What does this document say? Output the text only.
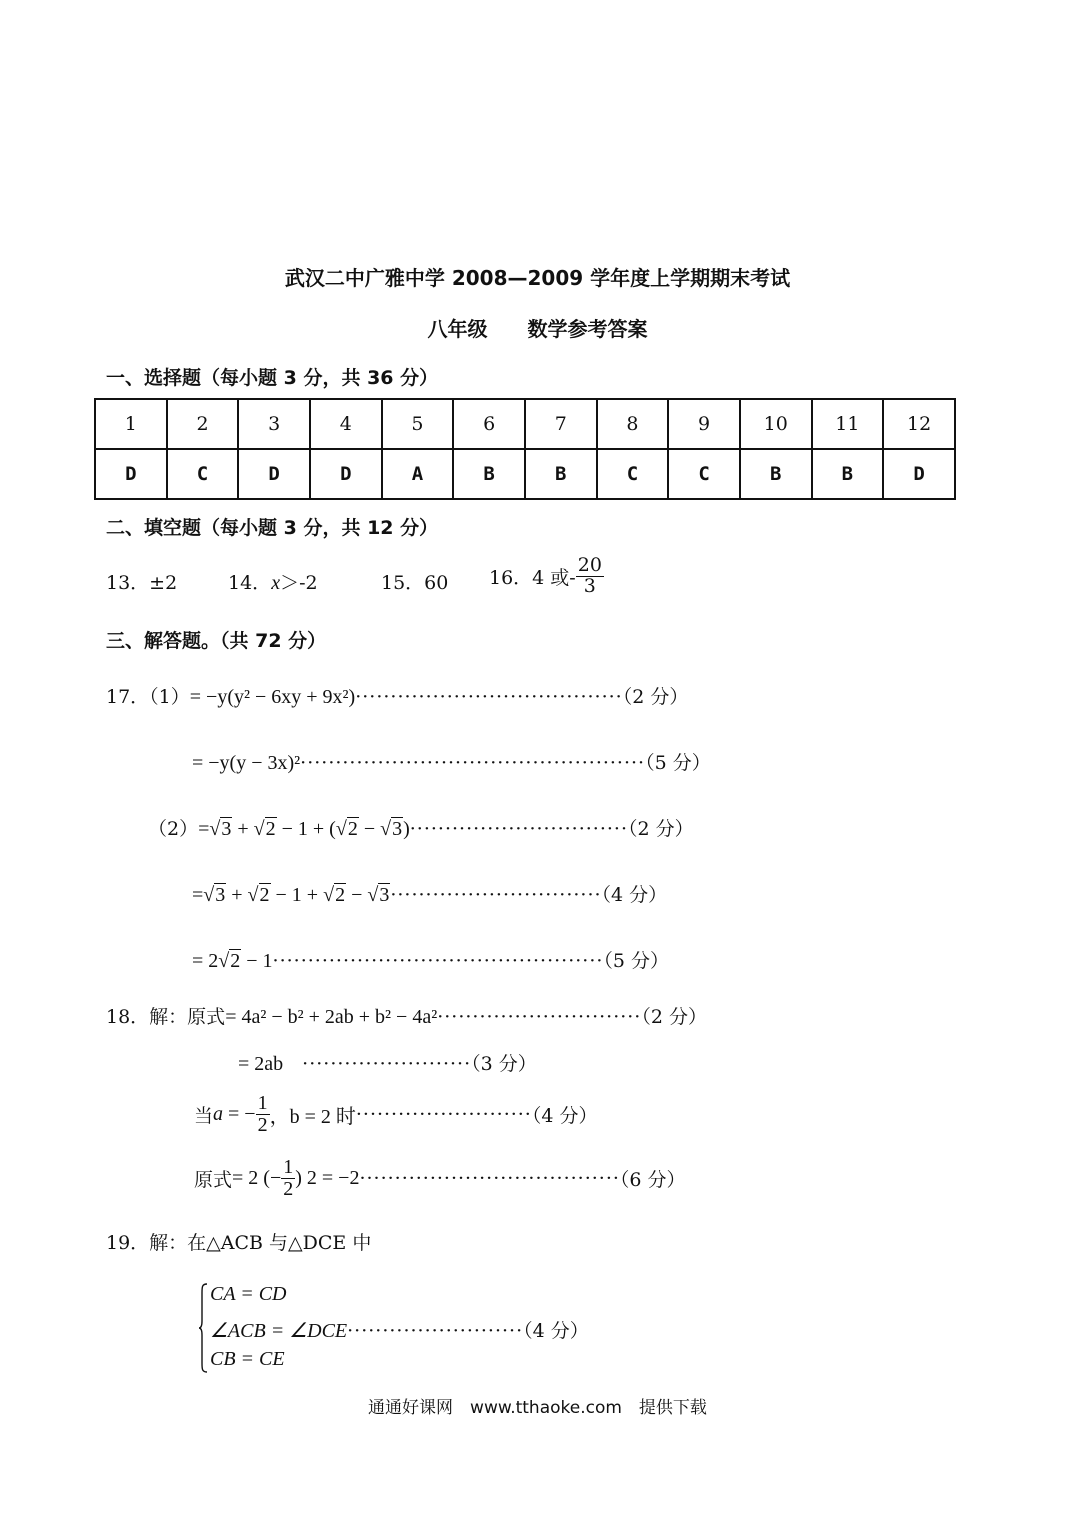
武汉二中广雅中学 2008—2009 学年度上学期期末考试
八年级　　数学参考答案
一、选择题（每小题 3 分，共 36 分）
1	2	3	4	5	6	7	8	9	10	11	12
D	C	D	D	A	B	B	C	C	B	B	D
二、填空题（每小题 3 分，共 12 分）
13．±2	14．x＞-2	15．60 16．4 或- $\frac{20}{3}$
三、解答题。（共 72 分）
17．（1）= −y(y² − 6xy + 9x²)······································（2 分）
= −y(y − 3x)²·················································（5 分）
（2）=√3 + √2 − 1 + (√2 − √3)·······························（2 分）
=√3 + √2 − 1 + √2 − √3······························（4 分）
= 2√2 − 1···············································（5 分）
18．解：原式= 4a² − b² + 2ab + b² − 4a²·····························（2 分）
= 2ab　 ························（3 分）
当a = − $\frac{1}{2}$ ，b = 2 时·························（4 分）
原式= 2 (− $\frac{1}{2}$ ) 2 = −2·····································（6 分）
19．解：在△ACB 与△DCE 中
CA = CD
∠ACB = ∠DCE·························（4 分）
CB = CE
通通好课网　www.tthaoke.com　提供下载
